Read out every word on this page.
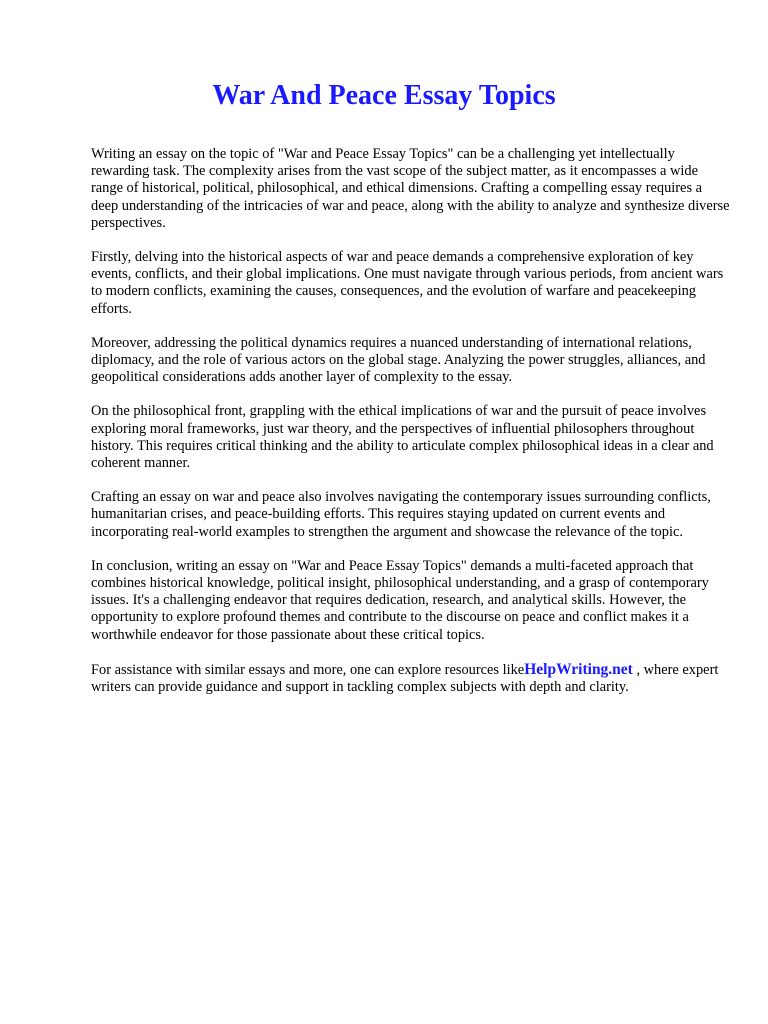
War And Peace Essay Topics

Writing an essay on the topic of "War and Peace Essay Topics" can be a challenging yet intellectually rewarding task. The complexity arises from the vast scope of the subject matter, as it encompasses a wide range of historical, political, philosophical, and ethical dimensions. Crafting a compelling essay requires a deep understanding of the intricacies of war and peace, along with the ability to analyze and synthesize diverse perspectives.

Firstly, delving into the historical aspects of war and peace demands a comprehensive exploration of key events, conflicts, and their global implications. One must navigate through various periods, from ancient wars to modern conflicts, examining the causes, consequences, and the evolution of warfare and peacekeeping efforts.

Moreover, addressing the political dynamics requires a nuanced understanding of international relations, diplomacy, and the role of various actors on the global stage. Analyzing the power struggles, alliances, and geopolitical considerations adds another layer of complexity to the essay.

On the philosophical front, grappling with the ethical implications of war and the pursuit of peace involves exploring moral frameworks, just war theory, and the perspectives of influential philosophers throughout history. This requires critical thinking and the ability to articulate complex philosophical ideas in a clear and coherent manner.

Crafting an essay on war and peace also involves navigating the contemporary issues surrounding conflicts, humanitarian crises, and peace-building efforts. This requires staying updated on current events and incorporating real-world examples to strengthen the argument and showcase the relevance of the topic.

In conclusion, writing an essay on "War and Peace Essay Topics" demands a multi-faceted approach that combines historical knowledge, political insight, philosophical understanding, and a grasp of contemporary issues. It's a challenging endeavor that requires dedication, research, and analytical skills. However, the opportunity to explore profound themes and contribute to the discourse on peace and conflict makes it a worthwhile endeavor for those passionate about these critical topics.

For assistance with similar essays and more, one can explore resources likeHelpWriting.net , where expert writers can provide guidance and support in tackling complex subjects with depth and clarity.
